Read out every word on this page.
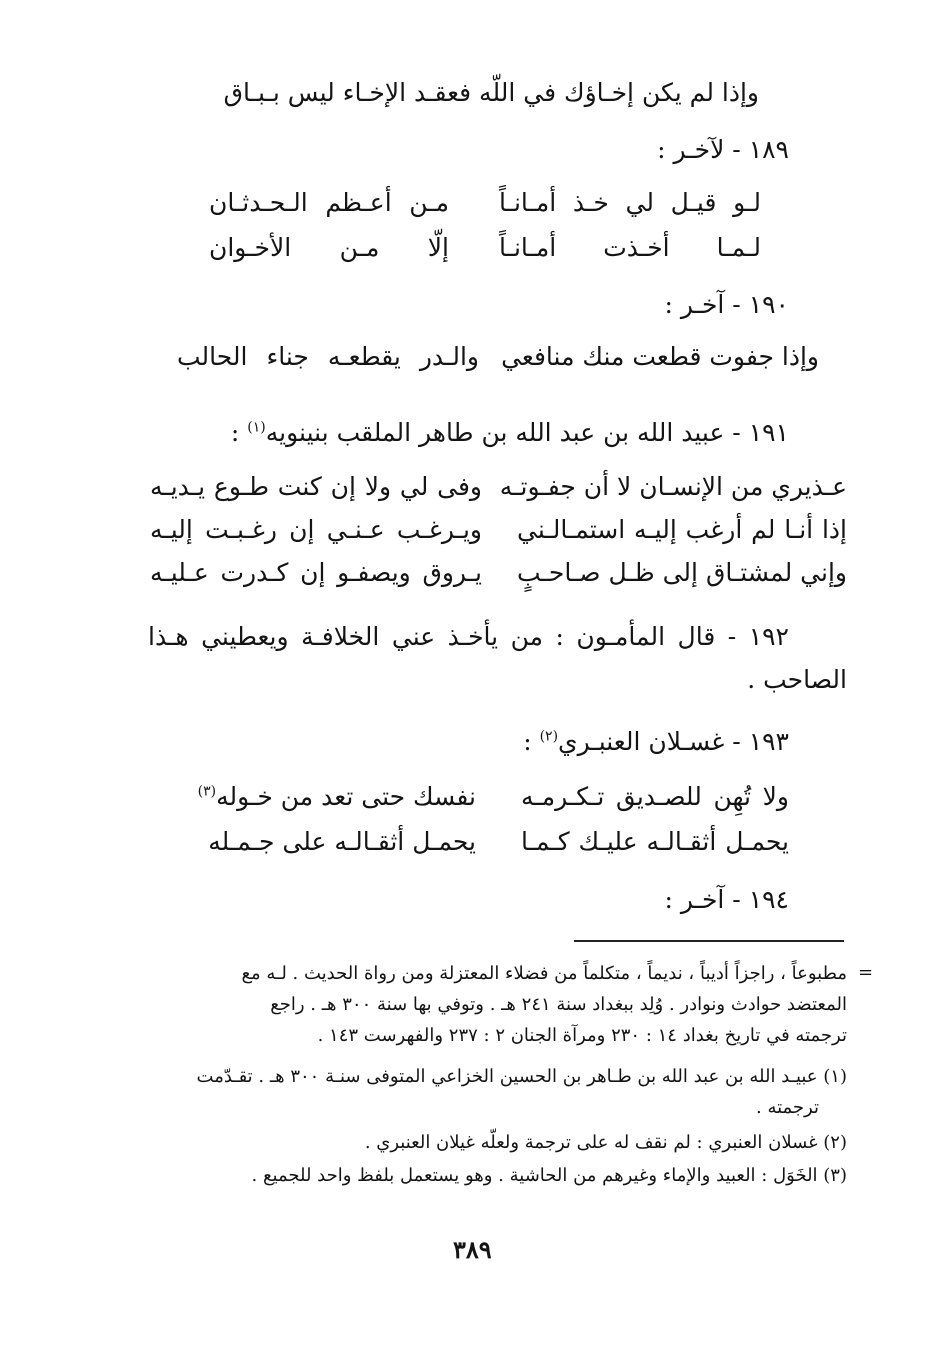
وإذا لم يكن إخـاؤك في اللّه فعقـد الإخـاء ليس بـبـاق
١٨٩ - لآخـر :
لـو قيـل لي خـذ أمـانـاً
مـن أعـظم الـحـدثـان
لـمـا أخـذت أمـانـاً
إلّا مـن الأخـوان
١٩٠ - آخـر :
وإذا جفوت قطعت منك منافعي
والـدر يقطعـه جناء الحالب
١٩١ - عبيد الله بن عبد الله بن طاهر الملقب بنينويه$^{(١)}$ :
عـذيري من الإنسـان لا أن جفـوتـه
وفى لي ولا إن كنت طـوع يـديـه
إذا أنـا لم أرغب إليـه استمـالـني
ويـرغـب عـنـي إن رغـبـت إليـه
وإني لمشتـاق إلى ظـل صـاحـبٍ
يـروق ويصفـو إن كـدرت عـليـه
١٩٢ - قال المأمـون : من يأخـذ عني الخلافـة ويعطيني هـذا
الصاحب .
١٩٣ - غسـلان العنبـري$^{(٢)}$ :
ولا تُهِن للصـديق تـكـرمـه
نفسك حتى تعد من خـوله$^{(٣)}$
يحمـل أثقـالـه عليـك كـمـا
يحمـل أثقـالـه على جـمـله
١٩٤ - آخـر :
=
مطبوعاً ، راجزاً أديباً ، نديماً ، متكلماً من فضلاء المعتزلة ومن رواة الحديث . لـه مع
المعتضد حوادث ونوادر . وُلِد ببغداد سنة ٢٤١ هـ . وتوفي بها سنة ٣٠٠ هـ . راجع
ترجمته في تاريخ بغداد ١٤ : ٢٣٠ ومرآة الجنان ٢ : ٢٣٧ والفهرست ١٤٣ .
(١) عبيـد الله بن عبد الله بن طـاهر بن الحسين الخزاعي المتوفى سنـة ٣٠٠ هـ . تقـدّمت
ترجمته .
(٢) غسلان العنبري : لم نقف له على ترجمة ولعلّه غيلان العنبري .
(٣) الخَوَل : العبيد والإماء وغيرهم من الحاشية . وهو يستعمل بلفظ واحد للجميع .
٣٨٩
